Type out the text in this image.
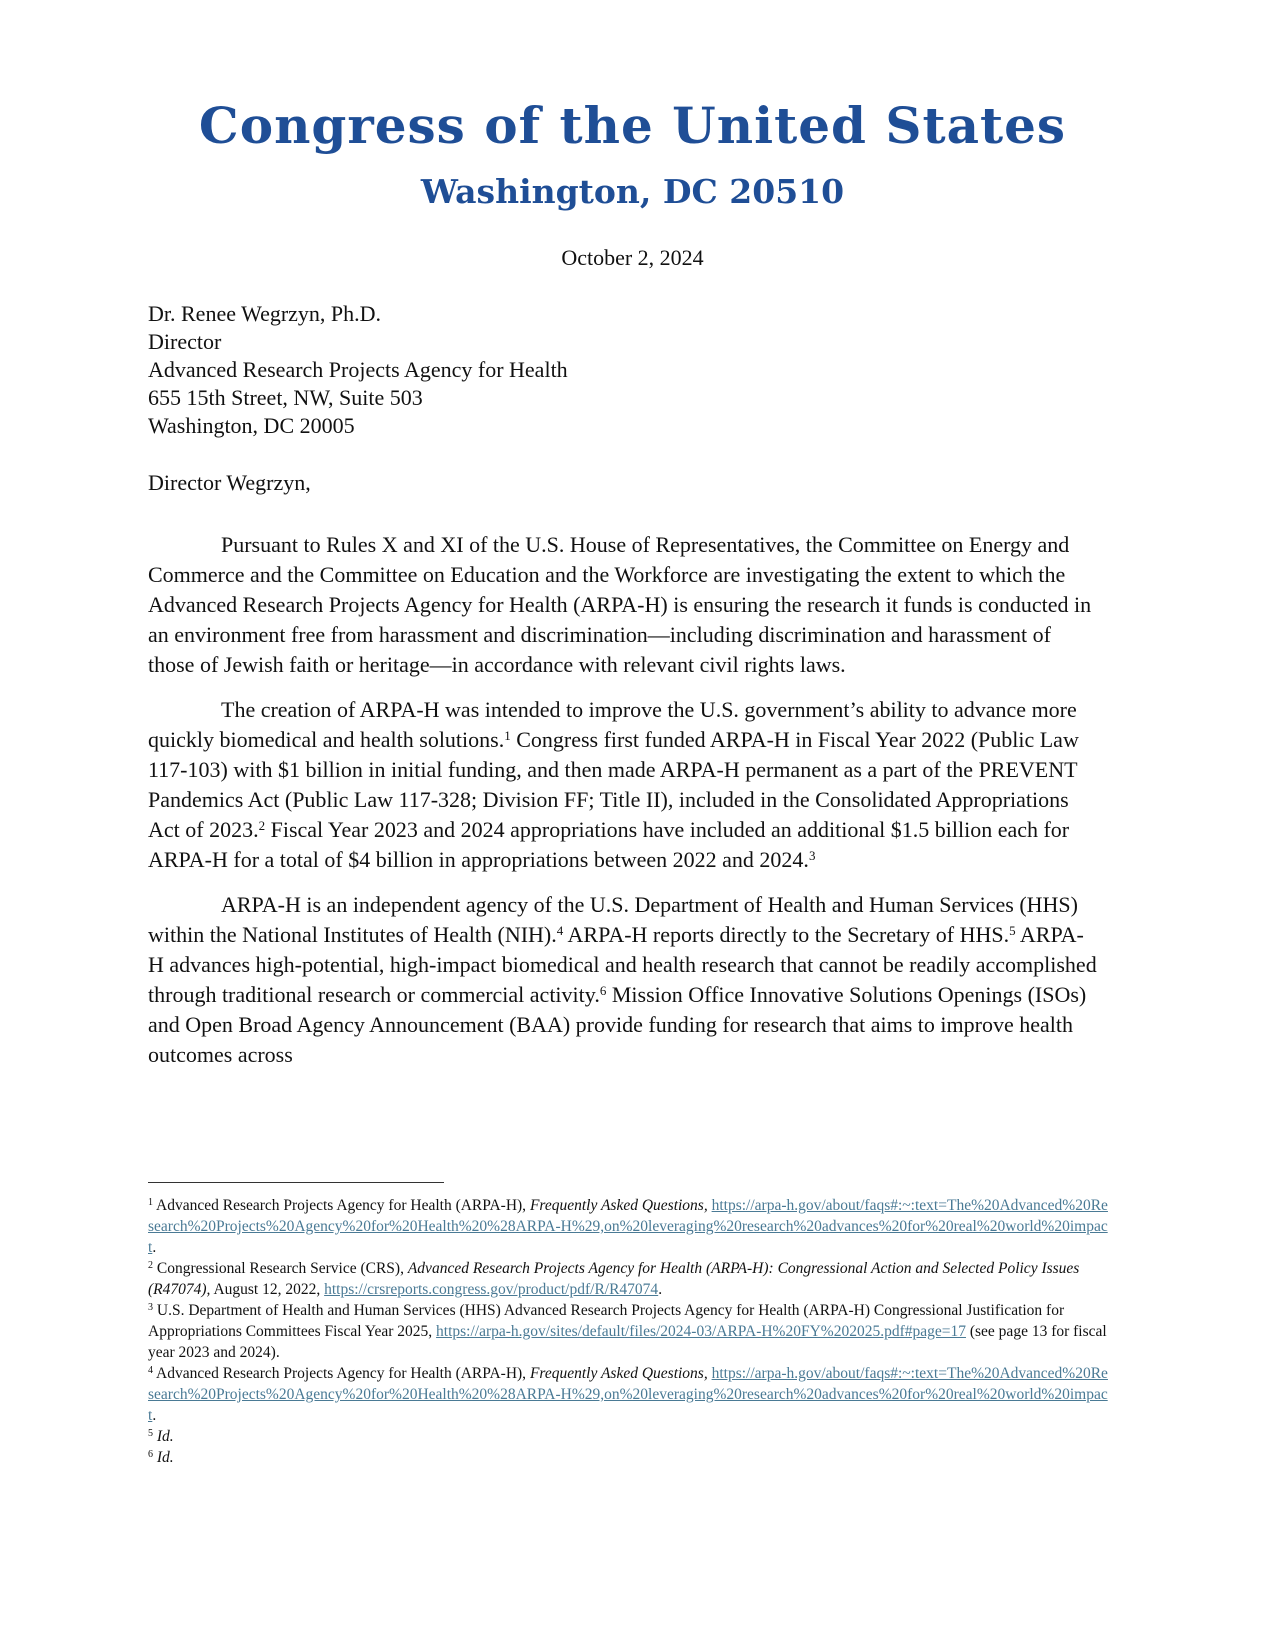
Congress of the United States
Washington, DC 20510
October 2, 2024
Dr. Renee Wegrzyn, Ph.D.
Director
Advanced Research Projects Agency for Health
655 15th Street, NW, Suite 503
Washington, DC 20005
Director Wegrzyn,

Pursuant to Rules X and XI of the U.S. House of Representatives, the Committee on Energy and Commerce and the Committee on Education and the Workforce are investigating the extent to which the Advanced Research Projects Agency for Health (ARPA-H) is ensuring the research it funds is conducted in an environment free from harassment and discrimination—including discrimination and harassment of those of Jewish faith or heritage—in accordance with relevant civil rights laws.

The creation of ARPA-H was intended to improve the U.S. government’s ability to advance more quickly biomedical and health solutions.$^1$ Congress first funded ARPA-H in Fiscal Year 2022 (Public Law 117-103) with $1 billion in initial funding, and then made ARPA-H permanent as a part of the PREVENT Pandemics Act (Public Law 117-328; Division FF; Title II), included in the Consolidated Appropriations Act of 2023.$^2$ Fiscal Year 2023 and 2024 appropriations have included an additional $1.5 billion each for ARPA-H for a total of $4 billion in appropriations between 2022 and 2024.$^3$

ARPA-H is an independent agency of the U.S. Department of Health and Human Services (HHS) within the National Institutes of Health (NIH).$^4$ ARPA-H reports directly to the Secretary of HHS.$^5$ ARPA-H advances high-potential, high-impact biomedical and health research that cannot be readily accomplished through traditional research or commercial activity.$^6$ Mission Office Innovative Solutions Openings (ISOs) and Open Broad Agency Announcement (BAA) provide funding for research that aims to improve health outcomes across

$^1$ Advanced Research Projects Agency for Health (ARPA-H), Frequently Asked Questions, https://arpa-h.gov/about/faqs#:~:text=The%20Advanced%20Research%20Projects%20Agency%20for%20Health%20%28ARPA-H%29,on%20leveraging%20research%20advances%20for%20real%20world%20impact.

$^2$ Congressional Research Service (CRS), Advanced Research Projects Agency for Health (ARPA-H): Congressional Action and Selected Policy Issues (R47074), August 12, 2022, https://crsreports.congress.gov/product/pdf/R/R47074.

$^3$ U.S. Department of Health and Human Services (HHS) Advanced Research Projects Agency for Health (ARPA-H) Congressional Justification for Appropriations Committees Fiscal Year 2025, https://arpa-h.gov/sites/default/files/2024-03/ARPA-H%20FY%202025.pdf#page=17 (see page 13 for fiscal year 2023 and 2024).

$^4$ Advanced Research Projects Agency for Health (ARPA-H), Frequently Asked Questions, https://arpa-h.gov/about/faqs#:~:text=The%20Advanced%20Research%20Projects%20Agency%20for%20Health%20%28ARPA-H%29,on%20leveraging%20research%20advances%20for%20real%20world%20impact.

$^5$ Id.

$^6$ Id.
